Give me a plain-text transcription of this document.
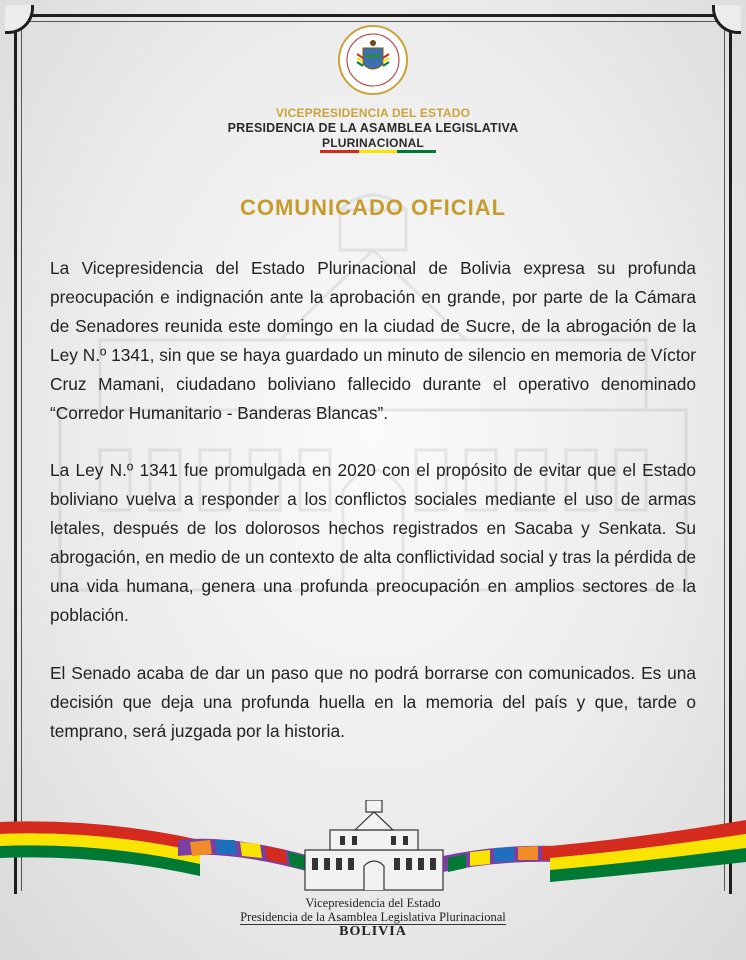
VICEPRESIDENCIA DEL ESTADO
PRESIDENCIA DE LA ASAMBLEA LEGISLATIVA
PLURINACIONAL
COMUNICADO OFICIAL
La Vicepresidencia del Estado Plurinacional de Bolivia expresa su profunda preocupación e indignación ante la aprobación en grande, por parte de la Cámara de Senadores reunida este domingo en la ciudad de Sucre, de la abrogación de la Ley N.º 1341, sin que se haya guardado un minuto de silencio en memoria de Víctor Cruz Mamani, ciudadano boliviano fallecido durante el operativo denominado “Corredor Humanitario - Banderas Blancas”.
La Ley N.º 1341 fue promulgada en 2020 con el propósito de evitar que el Estado boliviano vuelva a responder a los conflictos sociales mediante el uso de armas letales, después de los dolorosos hechos registrados en Sacaba y Senkata. Su abrogación, en medio de un contexto de alta conflictividad social y tras la pérdida de una vida humana, genera una profunda preocupación en amplios sectores de la población.
El Senado acaba de dar un paso que no podrá borrarse con comunicados. Es una decisión que deja una profunda huella en la memoria del país y que, tarde o temprano, será juzgada por la historia.
Vicepresidencia del Estado
Presidencia de la Asamblea Legislativa Plurinacional
BOLIVIA
